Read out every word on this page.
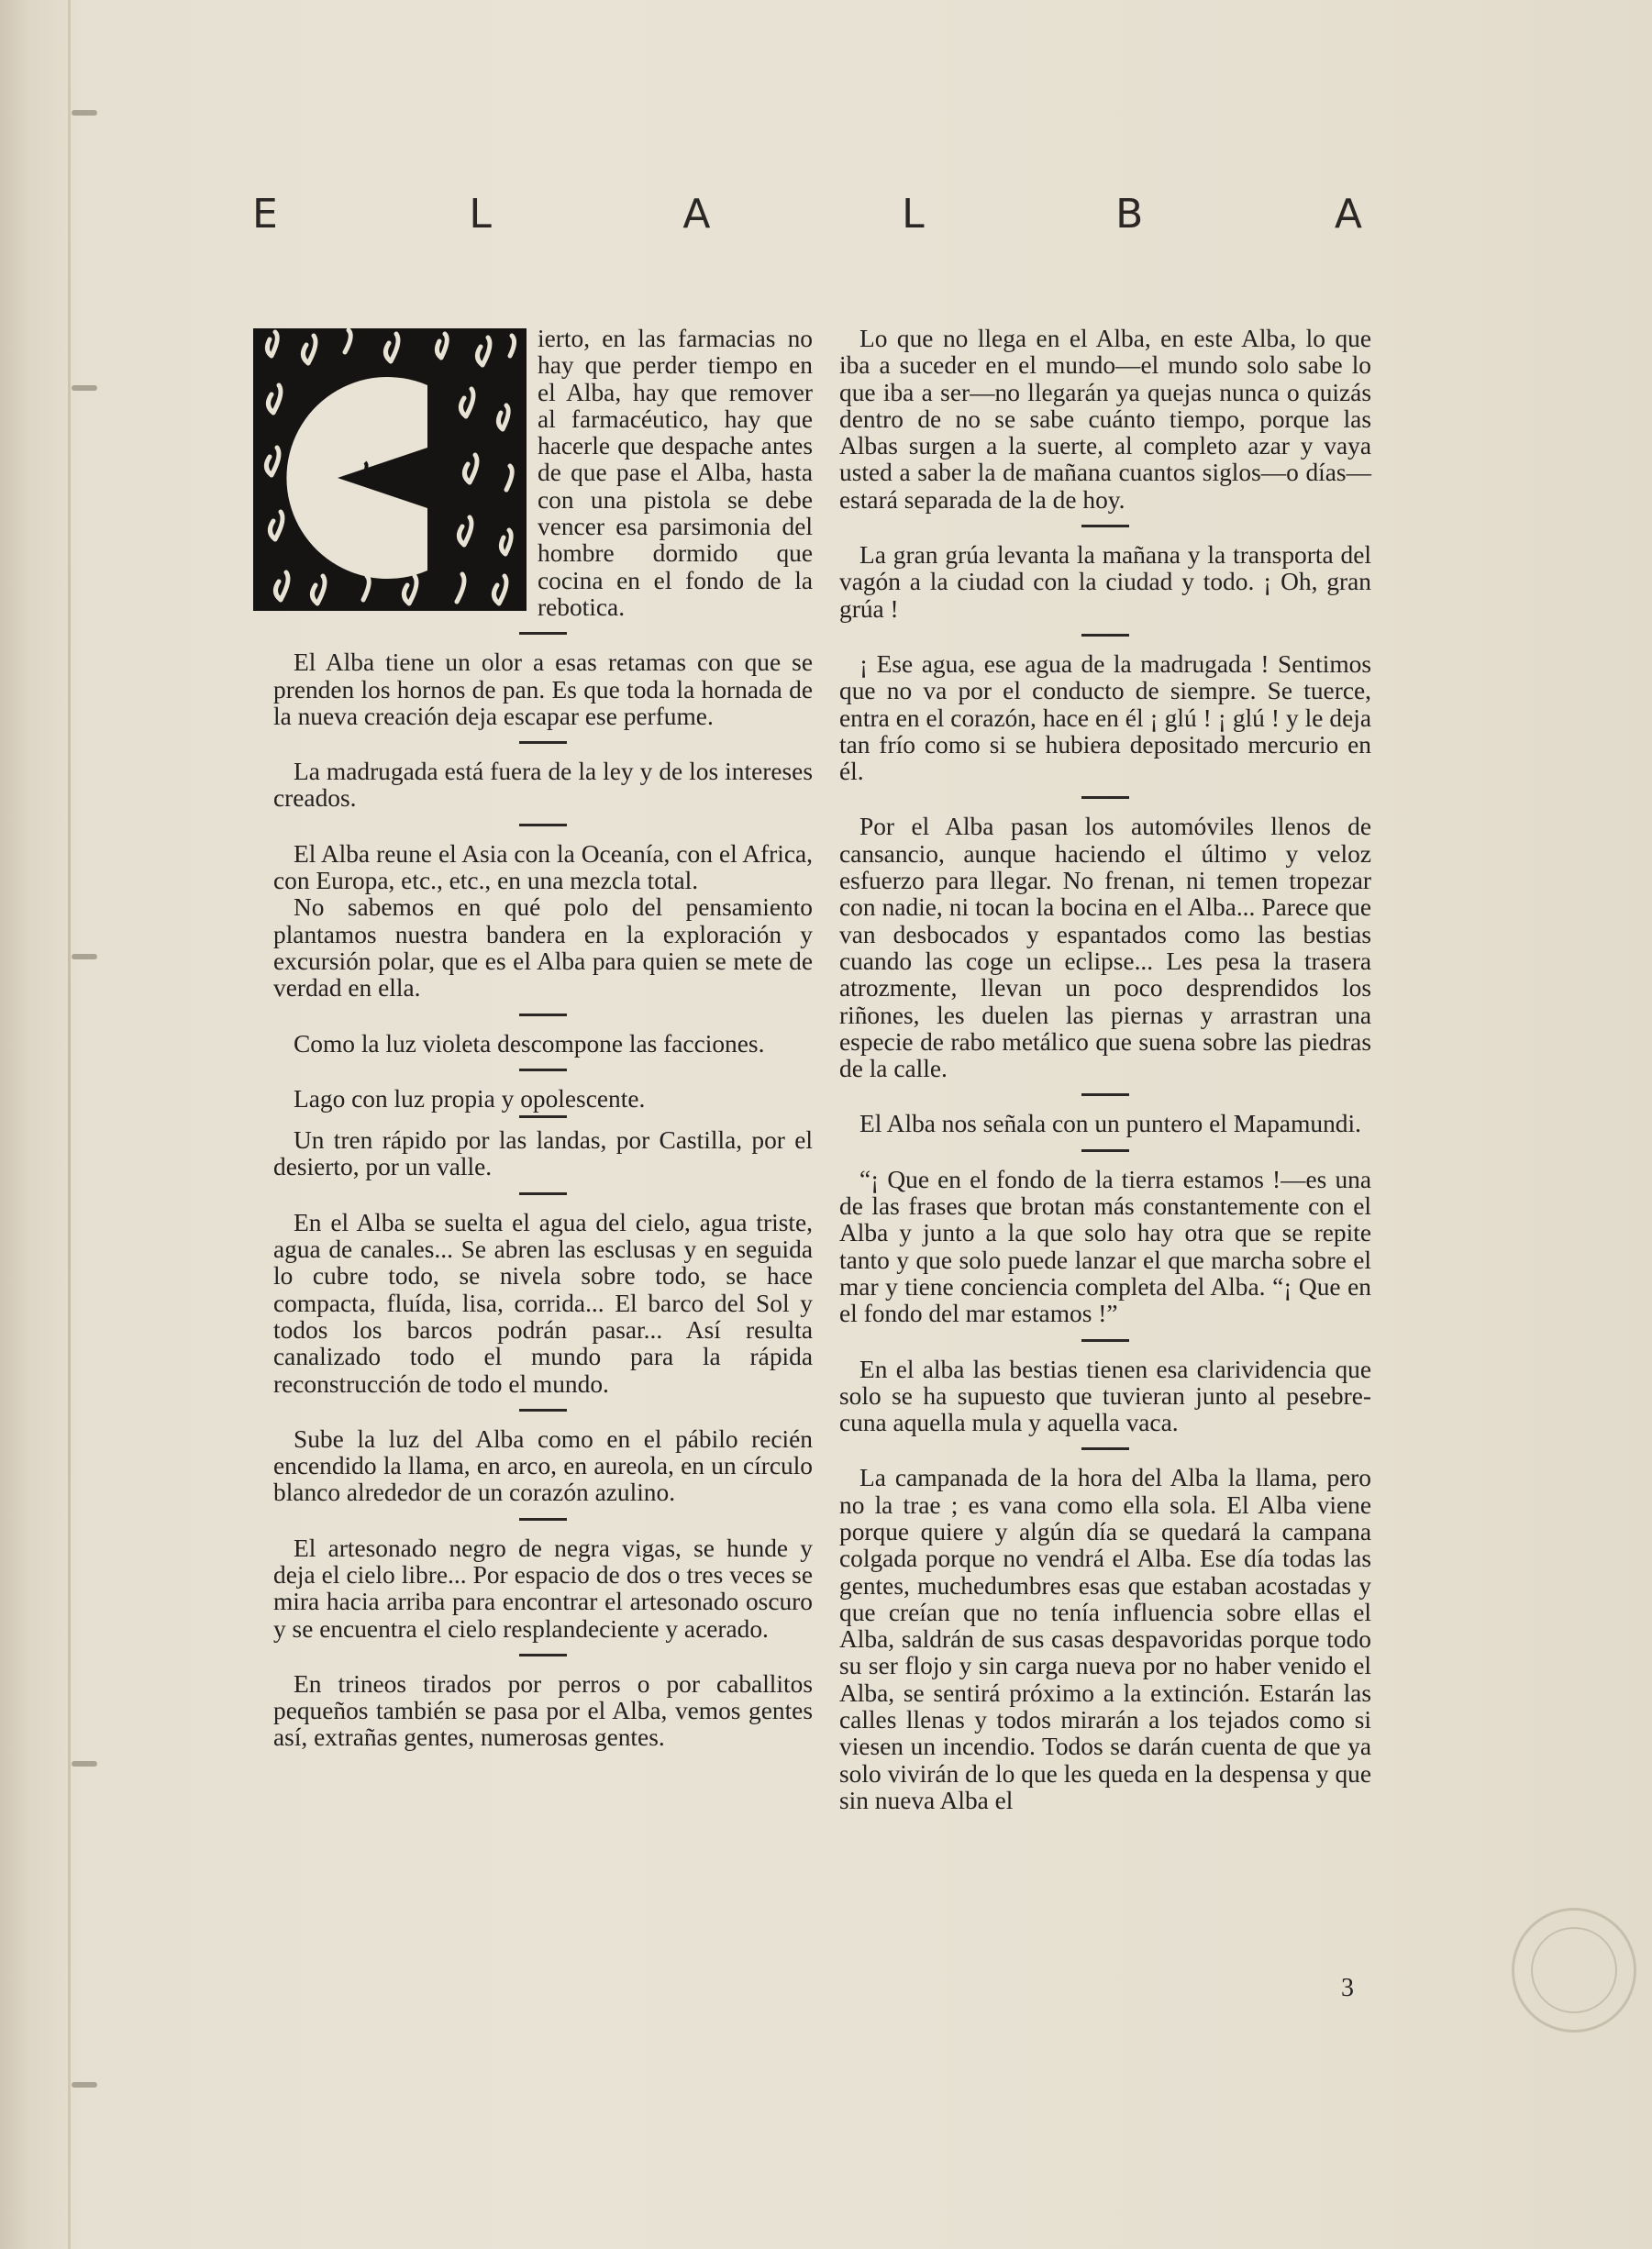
E	L	A	L	B	A

ierto, en las farmacias no hay que perder tiempo en el Alba, hay que remover al farmacéutico, hay que hacerle que despache antes de que pase el Alba, hasta con una pistola se debe vencer esa parsimonia del hombre dormido que cocina en el fondo de la rebotica.

El Alba tiene un olor a esas retamas con que se prenden los hornos de pan. Es que toda la hornada de la nueva creación deja escapar ese perfume.

La madrugada está fuera de la ley y de los intereses creados.

El Alba reune el Asia con la Oceanía, con el Africa, con Europa, etc., etc., en una mezcla total.

No sabemos en qué polo del pensamiento plantamos nuestra bandera en la exploración y excursión polar, que es el Alba para quien se mete de verdad en ella.

Como la luz violeta descompone las facciones.

Lago con luz propia y opolescente.

Un tren rápido por las landas, por Castilla, por el desierto, por un valle.

En el Alba se suelta el agua del cielo, agua triste, agua de canales... Se abren las esclusas y en seguida lo cubre todo, se nivela sobre todo, se hace compacta, fluída, lisa, corrida... El barco del Sol y todos los barcos podrán pasar... Así resulta canalizado todo el mundo para la rápida reconstrucción de todo el mundo.

Sube la luz del Alba como en el pábilo recién encendido la llama, en arco, en aureola, en un círculo blanco alrededor de un corazón azulino.

El artesonado negro de negra vigas, se hunde y deja el cielo libre... Por espacio de dos o tres veces se mira hacia arriba para encontrar el artesonado oscuro y se encuentra el cielo resplandeciente y acerado.

En trineos tirados por perros o por caballitos pequeños también se pasa por el Alba, vemos gentes así, extrañas gentes, numerosas gentes.

Lo que no llega en el Alba, en este Alba, lo que iba a suceder en el mundo—el mundo solo sabe lo que iba a ser—no llegarán ya quejas nunca o quizás dentro de no se sabe cuánto tiempo, porque las Albas surgen a la suerte, al completo azar y vaya usted a saber la de mañana cuantos siglos—o días—estará separada de la de hoy.

La gran grúa levanta la mañana y la transporta del vagón a la ciudad con la ciudad y todo. ¡ Oh, gran grúa !

¡ Ese agua, ese agua de la madrugada ! Sentimos que no va por el conducto de siempre. Se tuerce, entra en el corazón, hace en él ¡ glú ! ¡ glú ! y le deja tan frío como si se hubiera depositado mercurio en él.

Por el Alba pasan los automóviles llenos de cansancio, aunque haciendo el último y veloz esfuerzo para llegar. No frenan, ni temen tropezar con nadie, ni tocan la bocina en el Alba... Parece que van desbocados y espantados como las bestias cuando las coge un eclipse... Les pesa la trasera atrozmente, llevan un poco desprendidos los riñones, les duelen las piernas y arrastran una especie de rabo metálico que suena sobre las piedras de la calle.

El Alba nos señala con un puntero el Mapamundi.

“¡ Que en el fondo de la tierra estamos !—es una de las frases que brotan más constantemente con el Alba y junto a la que solo hay otra que se repite tanto y que solo puede lanzar el que marcha sobre el mar y tiene conciencia completa del Alba. “¡ Que en el fondo del mar estamos !”

En el alba las bestias tienen esa clarividencia que solo se ha supuesto que tuvieran junto al pesebre-cuna aquella mula y aquella vaca.

La campanada de la hora del Alba la llama, pero no la trae ; es vana como ella sola. El Alba viene porque quiere y algún día se quedará la campana colgada porque no vendrá el Alba. Ese día todas las gentes, muchedumbres esas que estaban acostadas y que creían que no tenía influencia sobre ellas el Alba, saldrán de sus casas despavoridas porque todo su ser flojo y sin carga nueva por no haber venido el Alba, se sentirá próximo a la extinción. Estarán las calles llenas y todos mirarán a los tejados como si viesen un incendio. Todos se darán cuenta de que ya solo vivirán de lo que les queda en la despensa y que sin nueva Alba el

3
